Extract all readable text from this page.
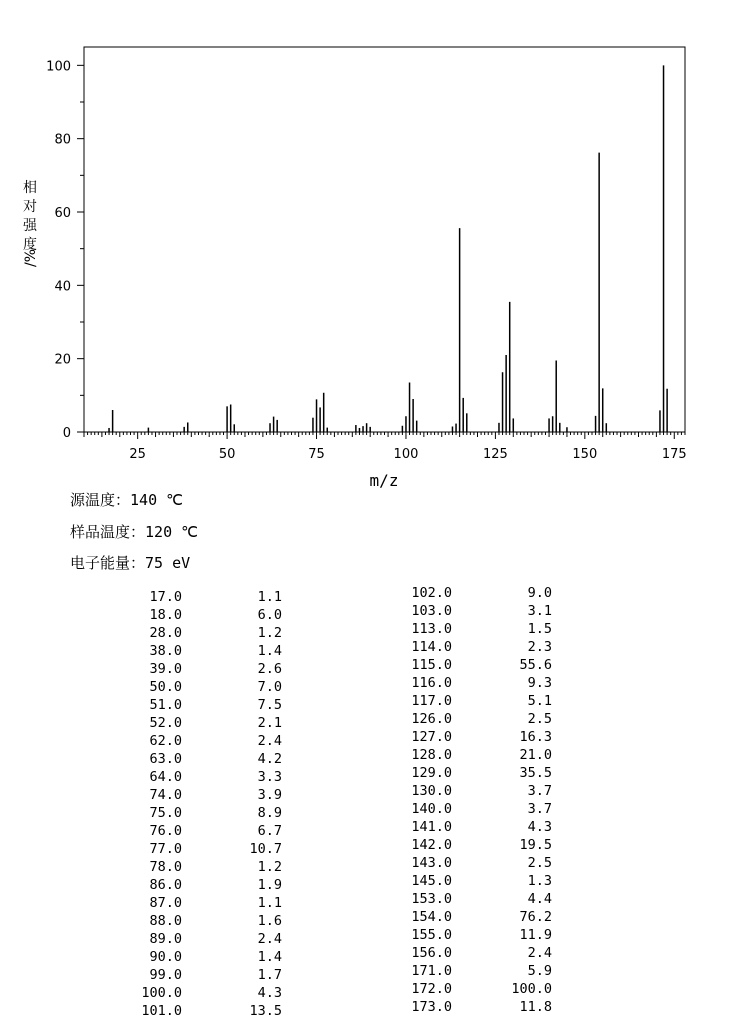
25	50	75	100	125	150	175
0
20
40
60
80
100
m/z
相对强度
/%
源温度：140 ℃
样品温度：120 ℃
电子能量：75 eV
17.0	1.1
18.0	6.0
28.0	1.2
38.0	1.4
39.0	2.6
50.0	7.0
51.0	7.5
52.0	2.1
62.0	2.4
63.0	4.2
64.0	3.3
74.0	3.9
75.0	8.9
76.0	6.7
77.0	10.7
78.0	1.2
86.0	1.9
87.0	1.1
88.0	1.6
89.0	2.4
90.0	1.4
99.0	1.7
100.0	4.3
101.0	13.5
102.0	9.0
103.0	3.1
113.0	1.5
114.0	2.3
115.0	55.6
116.0	9.3
117.0	5.1
126.0	2.5
127.0	16.3
128.0	21.0
129.0	35.5
130.0	3.7
140.0	3.7
141.0	4.3
142.0	19.5
143.0	2.5
145.0	1.3
153.0	4.4
154.0	76.2
155.0	11.9
156.0	2.4
171.0	5.9
172.0	100.0
173.0	11.8
